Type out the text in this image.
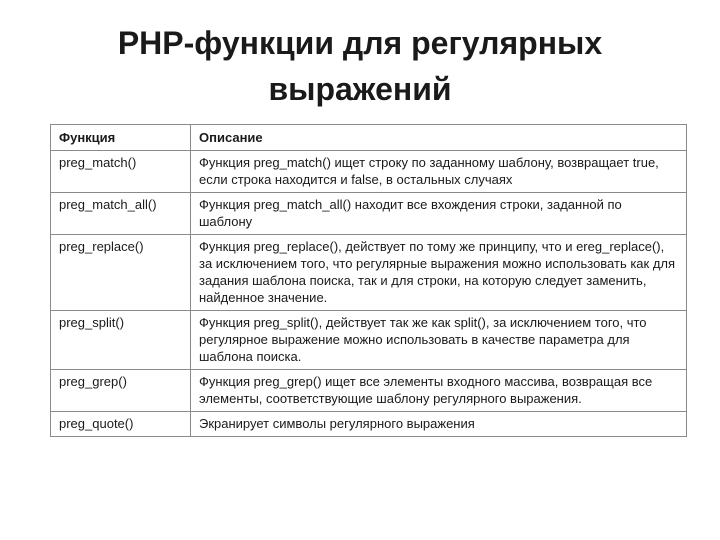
PHP-функции для регулярных
выражений
Функция	Описание
preg_match()	Функция preg_match() ищет строку по заданному шаблону, возвращает true, если строка находится и false, в остальных случаях
preg_match_all()	Функция preg_match_all() находит все вхождения строки, заданной по шаблону
preg_replace()	Функция preg_replace(), действует по тому же принципу, что и ereg_replace(), за исключением того, что регулярные выражения можно использовать как для задания шаблона поиска, так и для строки, на которую следует заменить, найденное значение.
preg_split()	Функция preg_split(), действует так же как split(), за исключением того, что регулярное выражение можно использовать в качестве параметра для шаблона поиска.
preg_grep()	Функция preg_grep() ищет все элементы входного массива, возвращая все элементы, соответствующие шаблону регулярного выражения.
preg_quote()	Экранирует символы регулярного выражения
